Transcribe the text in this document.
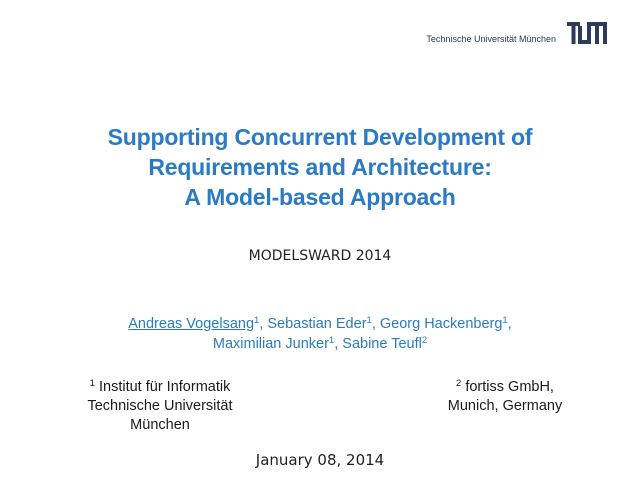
Technische Universität München
Supporting Concurrent Development of
Requirements and Architecture:
A Model-based Approach
MODELSWARD 2014
Andreas Vogelsang$^1$, Sebastian Eder$^1$, Georg Hackenberg$^1$,
Maximilian Junker$^1$, Sabine Teufl$^2$
$^1$ Institut für Informatik
Technische Universität
München
$^2$ fortiss GmbH,
Munich, Germany
January 08, 2014
